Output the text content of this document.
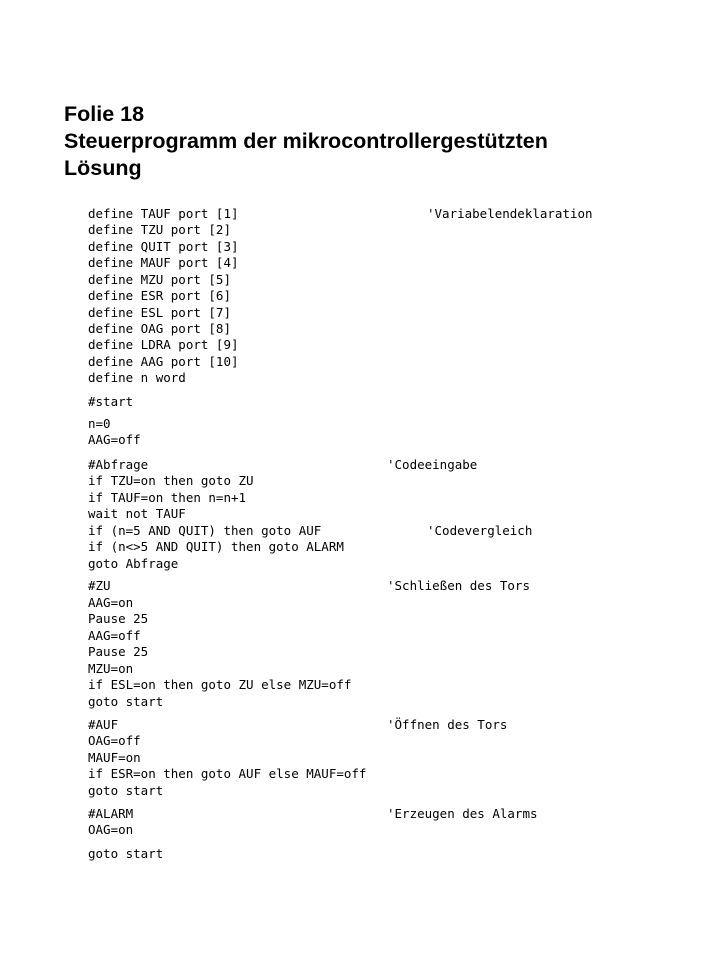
Folie 18
Steuerprogramm der mikrocontrollergestützten
Lösung
define TAUF port [1]	'Variabelendeklaration
define TZU port [2]
define QUIT port [3]
define MAUF port [4]
define MZU port [5]
define ESR port [6]
define ESL port [7]
define OAG port [8]
define LDRA port [9]
define AAG port [10]
define n word
#start
n=0
AAG=off
#Abfrage	'Codeeingabe
if TZU=on then goto ZU
if TAUF=on then n=n+1
wait not TAUF
if (n=5 AND QUIT) then goto AUF	'Codevergleich
if (n<>5 AND QUIT) then goto ALARM
goto Abfrage
#ZU	'Schließen des Tors
AAG=on
Pause 25
AAG=off
Pause 25
MZU=on
if ESL=on then goto ZU else MZU=off
goto start
#AUF	'Öffnen des Tors
OAG=off
MAUF=on
if ESR=on then goto AUF else MAUF=off
goto start
#ALARM	'Erzeugen des Alarms
OAG=on
goto start
